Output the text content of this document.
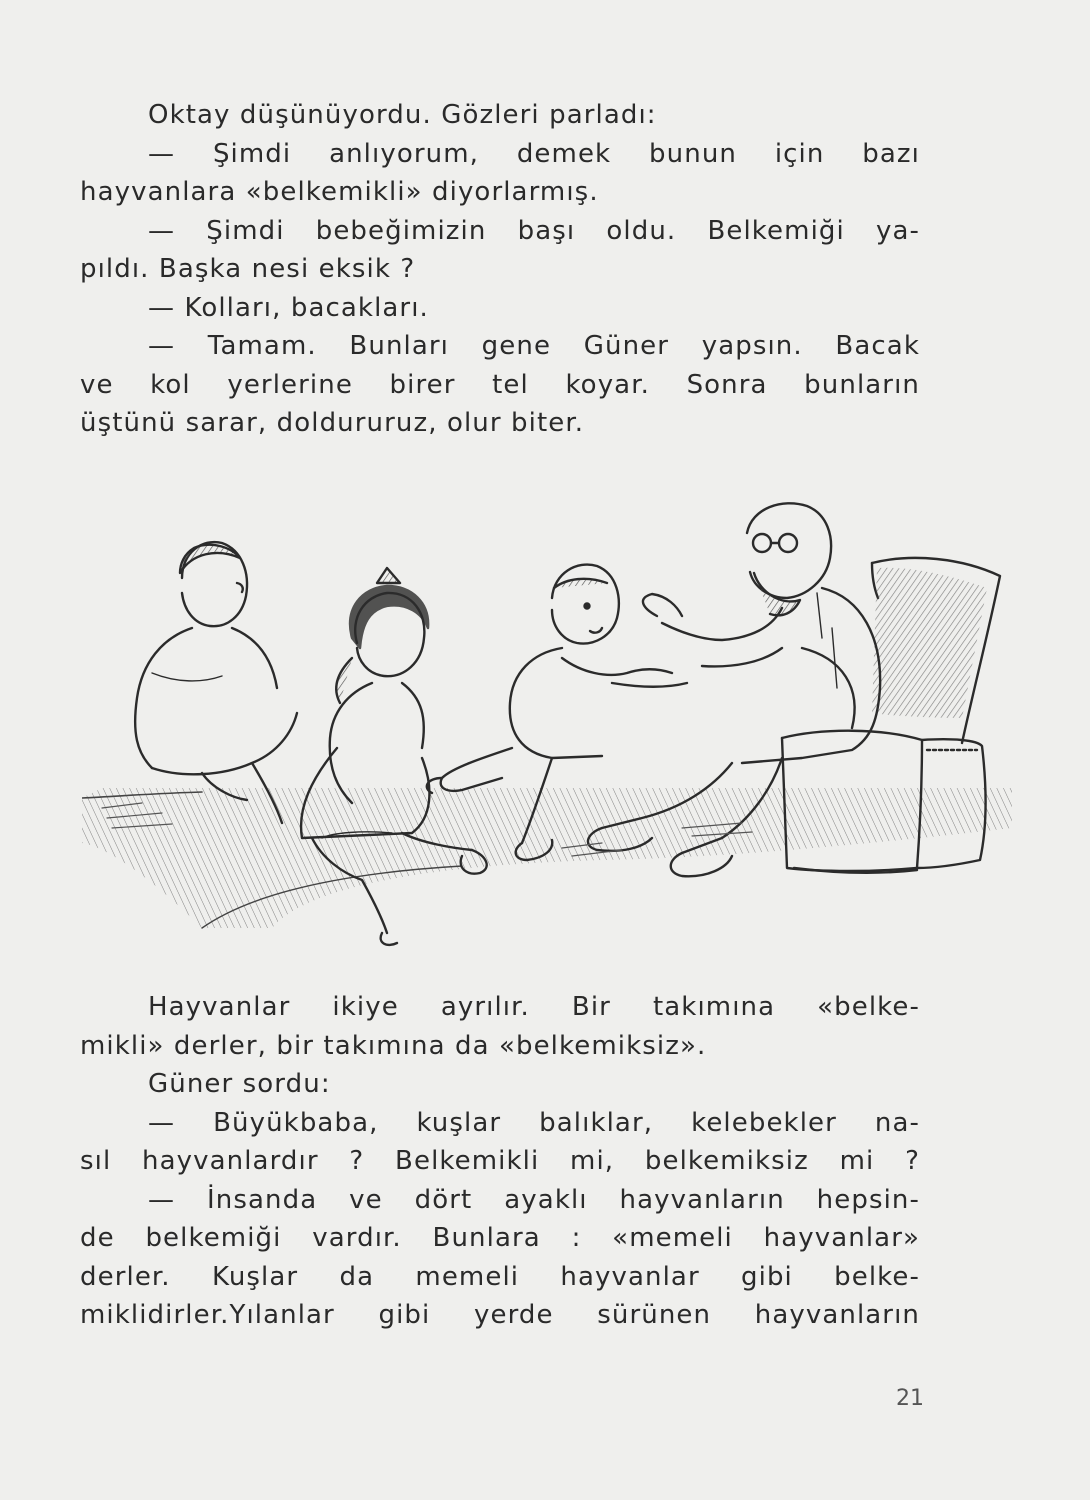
Oktay düşünüyordu. Gözleri parladı:
— Şimdi anlıyorum, demek bunun için bazı
hayvanlara «belkemikli» diyorlarmış.
— Şimdi bebeğimizin başı oldu. Belkemiği ya-
pıldı. Başka nesi eksik ?
— Kolları, bacakları.
— Tamam. Bunları gene Güner yapsın. Bacak
ve kol yerlerine birer tel koyar. Sonra bunların
üştünü sarar, doldururuz, olur biter.
Hayvanlar ikiye ayrılır. Bir takımına «belke-
mikli» derler, bir takımına da «belkemiksiz».
Güner sordu:
— Büyükbaba, kuşlar balıklar, kelebekler na-
sıl hayvanlardır ? Belkemikli mi, belkemiksiz mi ?
— İnsanda ve dört ayaklı hayvanların hepsin-
de belkemiği vardır. Bunlara : «memeli hayvanlar»
derler. Kuşlar da memeli hayvanlar gibi belke-
miklidirler.Yılanlar gibi yerde sürünen hayvanların
21
